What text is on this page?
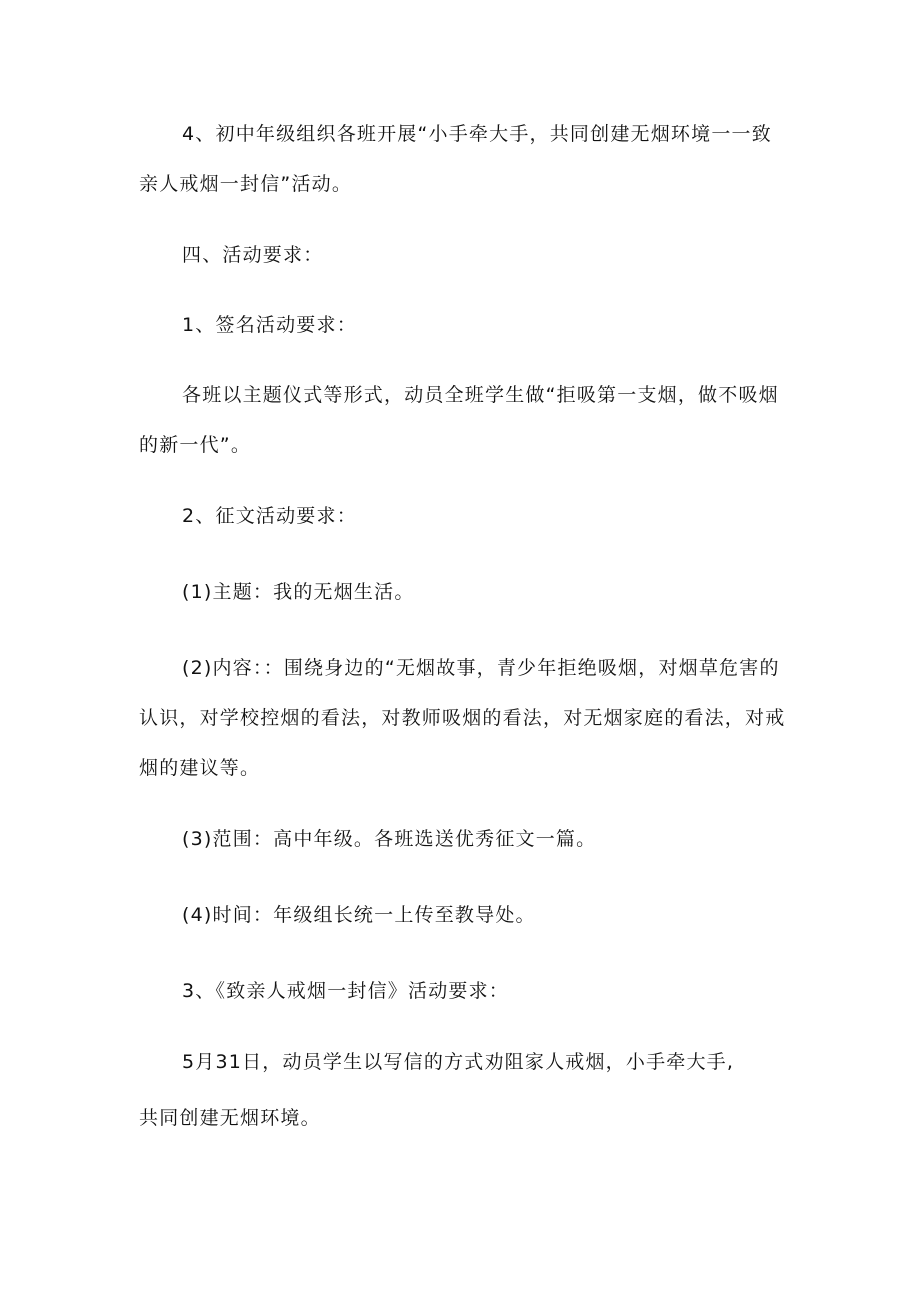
4、初中年级组织各班开展“小手牵大手，共同创建无烟环境一一致
亲人戒烟一封信”活动。
四、活动要求：
1、签名活动要求：
各班以主题仪式等形式，动员全班学生做“拒吸第一支烟，做不吸烟
的新一代”。
2、征文活动要求：
(1)主题：我的无烟生活。
(2)内容：：围绕身边的“无烟故事，青少年拒绝吸烟，对烟草危害的
认识，对学校控烟的看法，对教师吸烟的看法，对无烟家庭的看法，对戒
烟的建议等。
(3)范围：高中年级。各班选送优秀征文一篇。
(4)时间：年级组长统一上传至教导处。
3、《致亲人戒烟一封信》活动要求：
5月31日，动员学生以写信的方式劝阻家人戒烟，小手牵大手,
共同创建无烟环境。
